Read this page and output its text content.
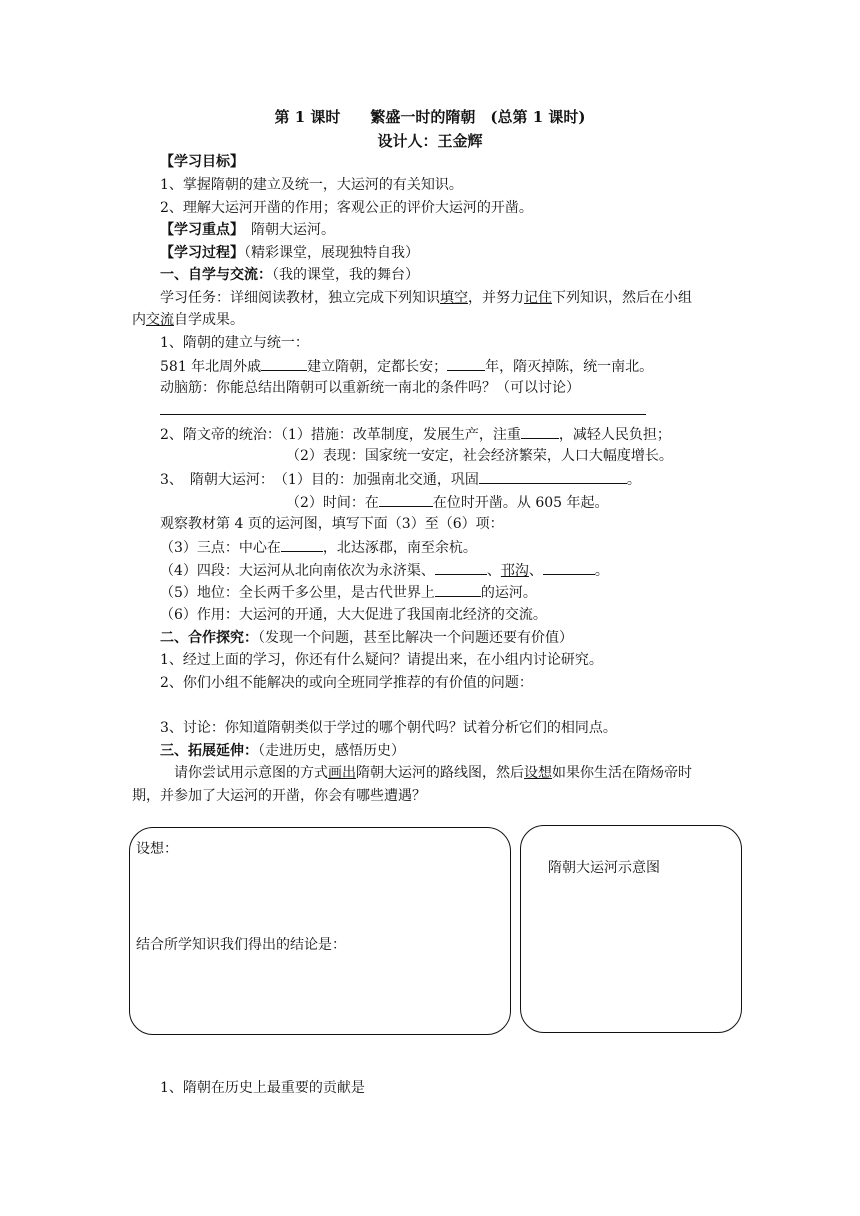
第 1 课时　　繁盛一时的隋朝　(总第 1 课时)
设计人：王金辉
【学习目标】
1、掌握隋朝的建立及统一，大运河的有关知识。
2、理解大运河开凿的作用；客观公正的评价大运河的开凿。
【学习重点】　 隋朝大运河。
【学习过程】（精彩课堂，展现独特自我）
一、自学与交流：（我的课堂，我的舞台）
学习任务：详细阅读教材，独立完成下列知识填空，并努力记住下列知识，然后在小组
内交流自学成果。
1、隋朝的建立与统一：
581 年北周外戚	建立隋朝，定都长安；	年，隋灭掉陈，统一南北。
动脑筋：你能总结出隋朝可以重新统一南北的条件吗？（可以讨论）
2、隋文帝的统治：（1）措施：改革制度，发展生产，注重	，减轻人民负担；
（2）表现：国家统一安定，社会经济繁荣，人口大幅度增长。
3、　隋朝大运河：　（1）目的：加强南北交通，巩固	。
（2）时间：在	在位时开凿。从 605 年起。
观察教材第 4 页的运河图，填写下面（3）至（6）项：
（3）三点：中心在	，北达涿郡，南至余杭。
（4）四段：大运河从北向南依次为永济渠、	、邗沟、	。
（5）地位：全长两千多公里，是古代世界上	的运河。
（6）作用：大运河的开通，大大促进了我国南北经济的交流。
二、合作探究：（发现一个问题，甚至比解决一个问题还要有价值）
1、经过上面的学习，你还有什么疑问？请提出来，在小组内讨论研究。
2、你们小组不能解决的或向全班同学推荐的有价值的问题：
3、讨论：你知道隋朝类似于学过的哪个朝代吗？试着分析它们的相同点。
三、拓展延伸：（走进历史，感悟历史）
请你尝试用示意图的方式画出隋朝大运河的路线图，然后设想如果你生活在隋炀帝时
期，并参加了大运河的开凿，你会有哪些遭遇？
设想：
结合所学知识我们得出的结论是：
隋朝大运河示意图
1、隋朝在历史上最重要的贡献是
